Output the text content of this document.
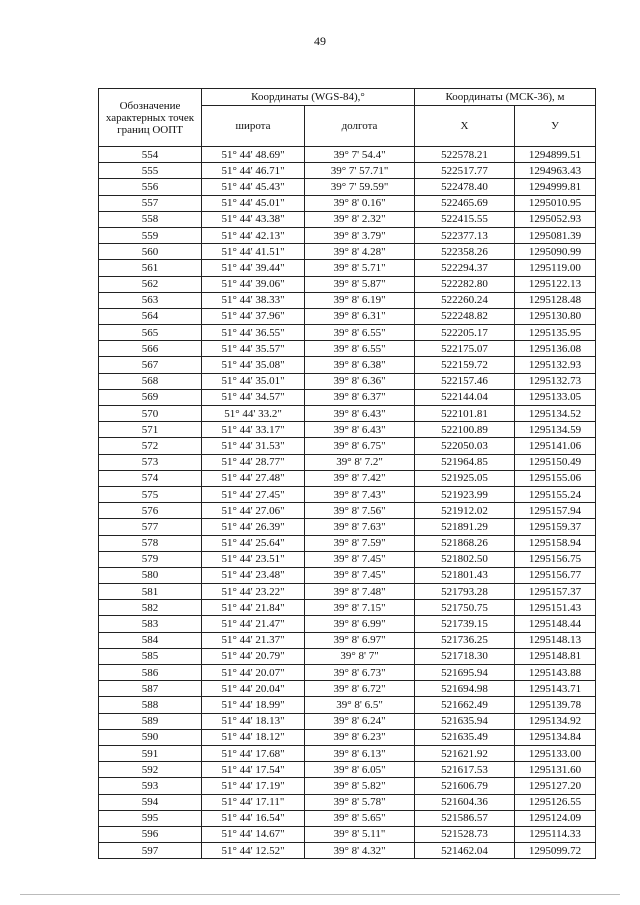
49
Обозначение характерных точек границ ООПТ	Координаты (WGS-84),°		Координаты (МСК-36), м	
	широта	долгота	X	У
554	51° 44' 48.69"	39° 7' 54.4"	522578.21	1294899.51
555	51° 44' 46.71"	39° 7' 57.71"	522517.77	1294963.43
556	51° 44' 45.43"	39° 7' 59.59"	522478.40	1294999.81
557	51° 44' 45.01"	39° 8' 0.16"	522465.69	1295010.95
558	51° 44' 43.38"	39° 8' 2.32"	522415.55	1295052.93
559	51° 44' 42.13"	39° 8' 3.79"	522377.13	1295081.39
560	51° 44' 41.51"	39° 8' 4.28"	522358.26	1295090.99
561	51° 44' 39.44"	39° 8' 5.71"	522294.37	1295119.00
562	51° 44' 39.06"	39° 8' 5.87"	522282.80	1295122.13
563	51° 44' 38.33"	39° 8' 6.19"	522260.24	1295128.48
564	51° 44' 37.96"	39° 8' 6.31"	522248.82	1295130.80
565	51° 44' 36.55"	39° 8' 6.55"	522205.17	1295135.95
566	51° 44' 35.57"	39° 8' 6.55"	522175.07	1295136.08
567	51° 44' 35.08"	39° 8' 6.38"	522159.72	1295132.93
568	51° 44' 35.01"	39° 8' 6.36"	522157.46	1295132.73
569	51° 44' 34.57"	39° 8' 6.37"	522144.04	1295133.05
570	51° 44' 33.2"	39° 8' 6.43"	522101.81	1295134.52
571	51° 44' 33.17"	39° 8' 6.43"	522100.89	1295134.59
572	51° 44' 31.53"	39° 8' 6.75"	522050.03	1295141.06
573	51° 44' 28.77"	39° 8' 7.2"	521964.85	1295150.49
574	51° 44' 27.48"	39° 8' 7.42"	521925.05	1295155.06
575	51° 44' 27.45"	39° 8' 7.43"	521923.99	1295155.24
576	51° 44' 27.06"	39° 8' 7.56"	521912.02	1295157.94
577	51° 44' 26.39"	39° 8' 7.63"	521891.29	1295159.37
578	51° 44' 25.64"	39° 8' 7.59"	521868.26	1295158.94
579	51° 44' 23.51"	39° 8' 7.45"	521802.50	1295156.75
580	51° 44' 23.48"	39° 8' 7.45"	521801.43	1295156.77
581	51° 44' 23.22"	39° 8' 7.48"	521793.28	1295157.37
582	51° 44' 21.84"	39° 8' 7.15"	521750.75	1295151.43
583	51° 44' 21.47"	39° 8' 6.99"	521739.15	1295148.44
584	51° 44' 21.37"	39° 8' 6.97"	521736.25	1295148.13
585	51° 44' 20.79"	39° 8' 7"	521718.30	1295148.81
586	51° 44' 20.07"	39° 8' 6.73"	521695.94	1295143.88
587	51° 44' 20.04"	39° 8' 6.72"	521694.98	1295143.71
588	51° 44' 18.99"	39° 8' 6.5"	521662.49	1295139.78
589	51° 44' 18.13"	39° 8' 6.24"	521635.94	1295134.92
590	51° 44' 18.12"	39° 8' 6.23"	521635.49	1295134.84
591	51° 44' 17.68"	39° 8' 6.13"	521621.92	1295133.00
592	51° 44' 17.54"	39° 8' 6.05"	521617.53	1295131.60
593	51° 44' 17.19"	39° 8' 5.82"	521606.79	1295127.20
594	51° 44' 17.11"	39° 8' 5.78"	521604.36	1295126.55
595	51° 44' 16.54"	39° 8' 5.65"	521586.57	1295124.09
596	51° 44' 14.67"	39° 8' 5.11"	521528.73	1295114.33
597	51° 44' 12.52"	39° 8' 4.32"	521462.04	1295099.72
